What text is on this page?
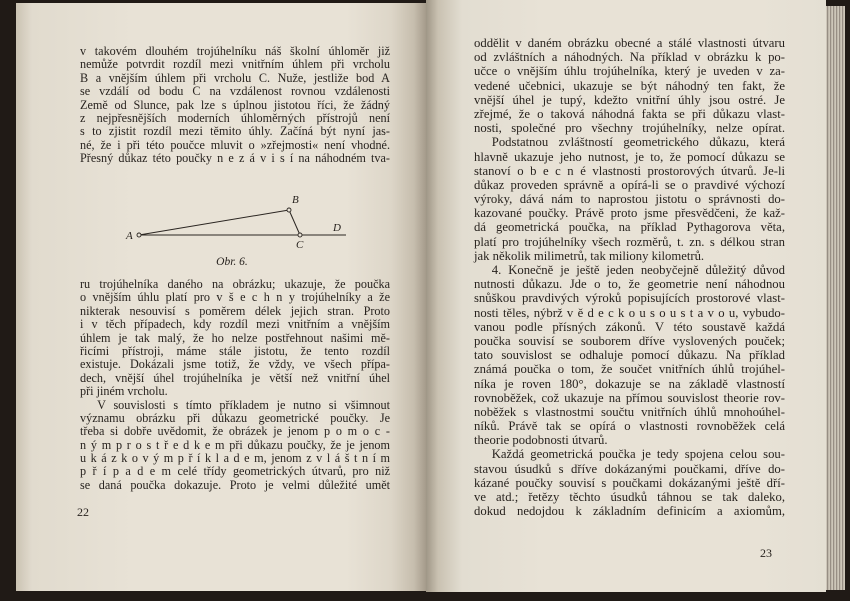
v takovém dlouhém trojúhelníku náš školní úhloměr již
nemůže potvrdit rozdíl mezi vnitřním úhlem při vrcholu
B a vnějším úhlem při vrcholu C. Nuže, jestliže bod A
se vzdálí od bodu C na vzdálenost rovnou vzdálenosti
Země od Slunce, pak lze s úplnou jistotou říci, že žádný
z nejpřesnějších moderních úhloměrných přístrojů není
s to zjistit rozdíl mezi těmito úhly. Začíná být nyní jas-
né, že i při této poučce mluvit o »zřejmosti« není vhodné.
Přesný důkaz této poučky n e z á v i s í na náhodném tva-
A
B
C
D
Obr. 6.
ru trojúhelníka daného na obrázku; ukazuje, že poučka
o vnějším úhlu platí pro v š e c h n y trojúhelníky a že
nikterak nesouvisí s poměrem délek jejich stran. Proto
i v těch případech, kdy rozdíl mezi vnitřním a vnějším
úhlem je tak malý, že ho nelze postřehnout našimi mě-
řicími přístroji, máme stále jistotu, že tento rozdíl
existuje. Dokázali jsme totiž, že vždy, ve všech přípa-
dech, vnější úhel trojúhelníka je větší než vnitřní úhel
při jiném vrcholu.
V souvislosti s tímto příkladem je nutno si všimnout
významu obrázku při důkazu geometrické poučky. Je
třeba si dobře uvědomit, že obrázek je jenom p o m o c -
n ý m p r o s t ř e d k e m při důkazu poučky, že je jenom
u k á z k o v ý m p ř í k l a d e m, jenom z v l á š t n í m
p ř í p a d e m celé třídy geometrických útvarů, pro niž
se daná poučka dokazuje. Proto je velmi důležité umět
22
oddělit v daném obrázku obecné a stálé vlastnosti útvaru
od zvláštních a náhodných. Na příklad v obrázku k po-
učce o vnějším úhlu trojúhelníka, který je uveden v za-
vedené učebnici, ukazuje se být náhodný ten fakt, že
vnější úhel je tupý, kdežto vnitřní úhly jsou ostré. Je
zřejmé, že o taková náhodná fakta se při důkazu vlast-
nosti, společné pro všechny trojúhelníky, nelze opírat.
Podstatnou zvláštností geometrického důkazu, která
hlavně ukazuje jeho nutnost, je to, že pomocí důkazu se
stanoví o b e c n é vlastnosti prostorových útvarů. Je-li
důkaz proveden správně a opírá-li se o pravdivé výchozí
výroky, dává nám to naprostou jistotu o správnosti do-
kazované poučky. Právě proto jsme přesvědčeni, že kaž-
dá geometrická poučka, na příklad Pythagorova věta,
platí pro trojúhelníky všech rozměrů, t. zn. s délkou stran
jak několik milimetrů, tak miliony kilometrů.
4. Konečně je ještě jeden neobyčejně důležitý důvod
nutnosti důkazu. Jde o to, že geometrie není náhodnou
snůškou pravdivých výroků popisujících prostorové vlast-
nosti těles, nýbrž v ě d e c k o u s o u s t a v o u, vybudo-
vanou podle přísných zákonů. V této soustavě každá
poučka souvisí se souborem dříve vyslovených pouček;
tato souvislost se odhaluje pomocí důkazu. Na příklad
známá poučka o tom, že součet vnitřních úhlů trojúhel-
níka je roven 180°, dokazuje se na základě vlastností
rovnoběžek, což ukazuje na přímou souvislost theorie rov-
noběžek s vlastnostmi součtu vnitřních úhlů mnohoúhel-
níků. Právě tak se opírá o vlastnosti rovnoběžek celá
theorie podobnosti útvarů.
Každá geometrická poučka je tedy spojena celou sou-
stavou úsudků s dříve dokázanými poučkami, dříve do-
kázané poučky souvisí s poučkami dokázanými ještě dří-
ve atd.; řetězy těchto úsudků táhnou se tak daleko,
dokud nedojdou k základním definicím a axiomům,
23
